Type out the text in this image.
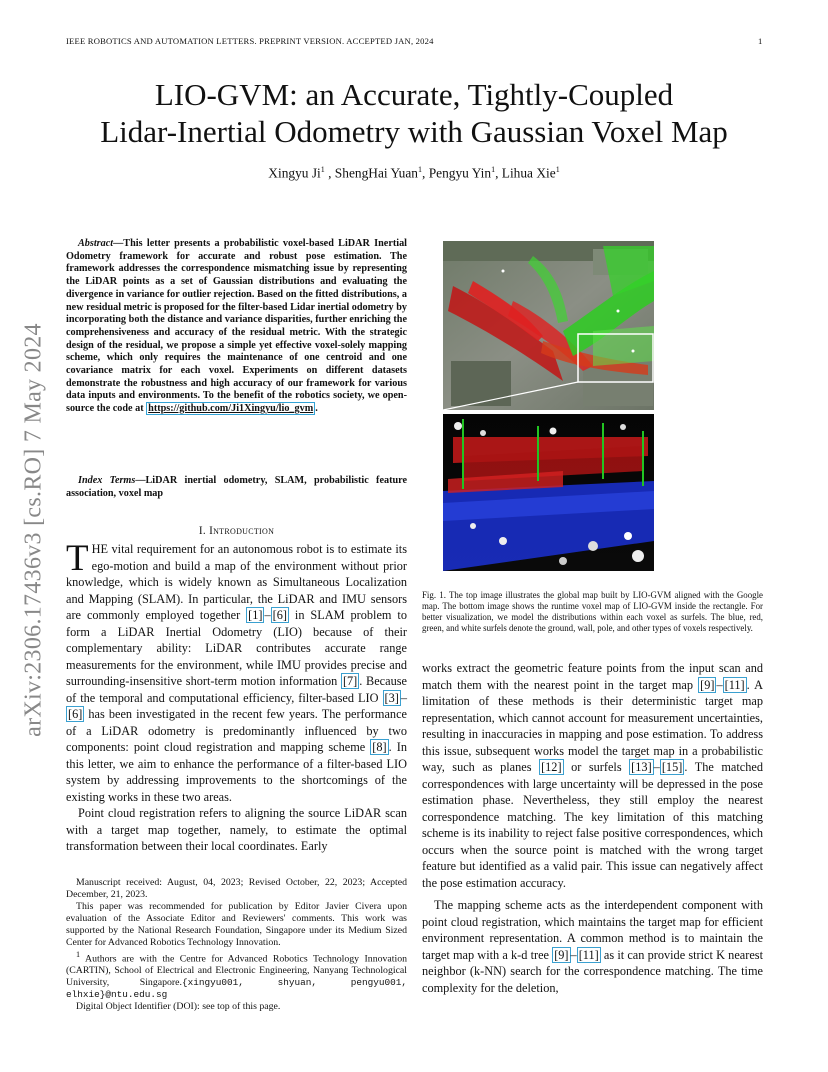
IEEE ROBOTICS AND AUTOMATION LETTERS. PREPRINT VERSION. ACCEPTED JAN, 2024	1
arXiv:2306.17436v3 [cs.RO] 7 May 2024
LIO-GVM: an Accurate, Tightly-Coupled
Lidar-Inertial Odometry with Gaussian Voxel Map
Xingyu Ji$^1$ , ShengHai Yuan$^1$, Pengyu Yin$^1$, Lihua Xie$^1$
Abstract—This letter presents a probabilistic voxel-based LiDAR Inertial Odometry framework for accurate and robust pose estimation. The framework addresses the correspondence mismatching issue by representing the LiDAR points as a set of Gaussian distributions and evaluating the divergence in variance for outlier rejection. Based on the fitted distributions, a new residual metric is proposed for the filter-based Lidar inertial odometry by incorporating both the distance and variance disparities, further enriching the comprehensiveness and accuracy of the residual metric. With the strategic design of the residual, we propose a simple yet effective voxel-solely mapping scheme, which only requires the maintenance of one centroid and one covariance matrix for each voxel. Experiments on different datasets demonstrate the robustness and high accuracy of our framework for various data inputs and environments. To the benefit of the robotics society, we open-source the code at https://github.com/Ji1Xingyu/lio_gvm .
Index Terms—LiDAR inertial odometry, SLAM, probabilistic feature association, voxel map
I. Introduction

THE vital requirement for an autonomous robot is to estimate its ego-motion and build a map of the environment without prior knowledge, which is widely known as Simultaneous Localization and Mapping (SLAM). In particular, the LiDAR and IMU sensors are commonly employed together [1] – [6] in SLAM problem to form a LiDAR Inertial Odometry (LIO) because of their complementary ability: LiDAR contributes accurate range measurements for the environment, while IMU provides precise and surrounding-insensitive short-term motion information [7] . Because of the temporal and computational efficiency, filter-based LIO [3] –[6] has been investigated in the recent few years. The performance of a LiDAR odometry is predominantly influenced by two components: point cloud registration and mapping scheme [8] . In this letter, we aim to enhance the performance of a filter-based LIO system by addressing improvements to the shortcomings of the existing works in these two areas.

Point cloud registration refers to aligning the source LiDAR scan with a target map together, namely, to estimate the optimal transformation between their local coordinates. Early

Manuscript received: August, 04, 2023; Revised October, 22, 2023; Accepted December, 21, 2023.

This paper was recommended for publication by Editor Javier Civera upon evaluation of the Associate Editor and Reviewers' comments. This work was supported by the National Research Foundation, Singapore under its Medium Sized Center for Advanced Robotics Technology Innovation.

$^1$ Authors are with the Centre for Advanced Robotics Technology Innovation (CARTIN), School of Electrical and Electronic Engineering, Nanyang Technological University, Singapore.{xingyu001, shyuan, pengyu001, elhxie}@ntu.edu.sg

Digital Object Identifier (DOI): see top of this page.

Fig. 1. The top image illustrates the global map built by LIO-GVM aligned with the Google map. The bottom image shows the runtime voxel map of LIO-GVM inside the rectangle. For better visualization, we model the distributions within each voxel as surfels. The blue, red, green, and white surfels denote the ground, wall, pole, and other types of voxels respectively.

works extract the geometric feature points from the input scan and match them with the nearest point in the target map [9] – [11] . A limitation of these methods is their deterministic target map representation, which cannot account for measurement uncertainties, resulting in inaccuracies in mapping and pose estimation. To address this issue, subsequent works model the target map in a probabilistic way, such as planes [12] or surfels [13] – [15] . The matched correspondences with large uncertainty will be depressed in the pose estimation phase. Nevertheless, they still employ the nearest correspondence matching. The key limitation of this matching scheme is its inability to reject false positive correspondences, which occurs when the source point is matched with the wrong target feature but identified as a valid pair. This issue can negatively affect the pose estimation accuracy.

The mapping scheme acts as the interdependent component with point cloud registration, which maintains the target map for efficient environment representation. A common method is to maintain the target map with a k-d tree [9] – [11] as it can provide strict K nearest neighbor (k-NN) search for the correspondence matching. The time complexity for the deletion,
